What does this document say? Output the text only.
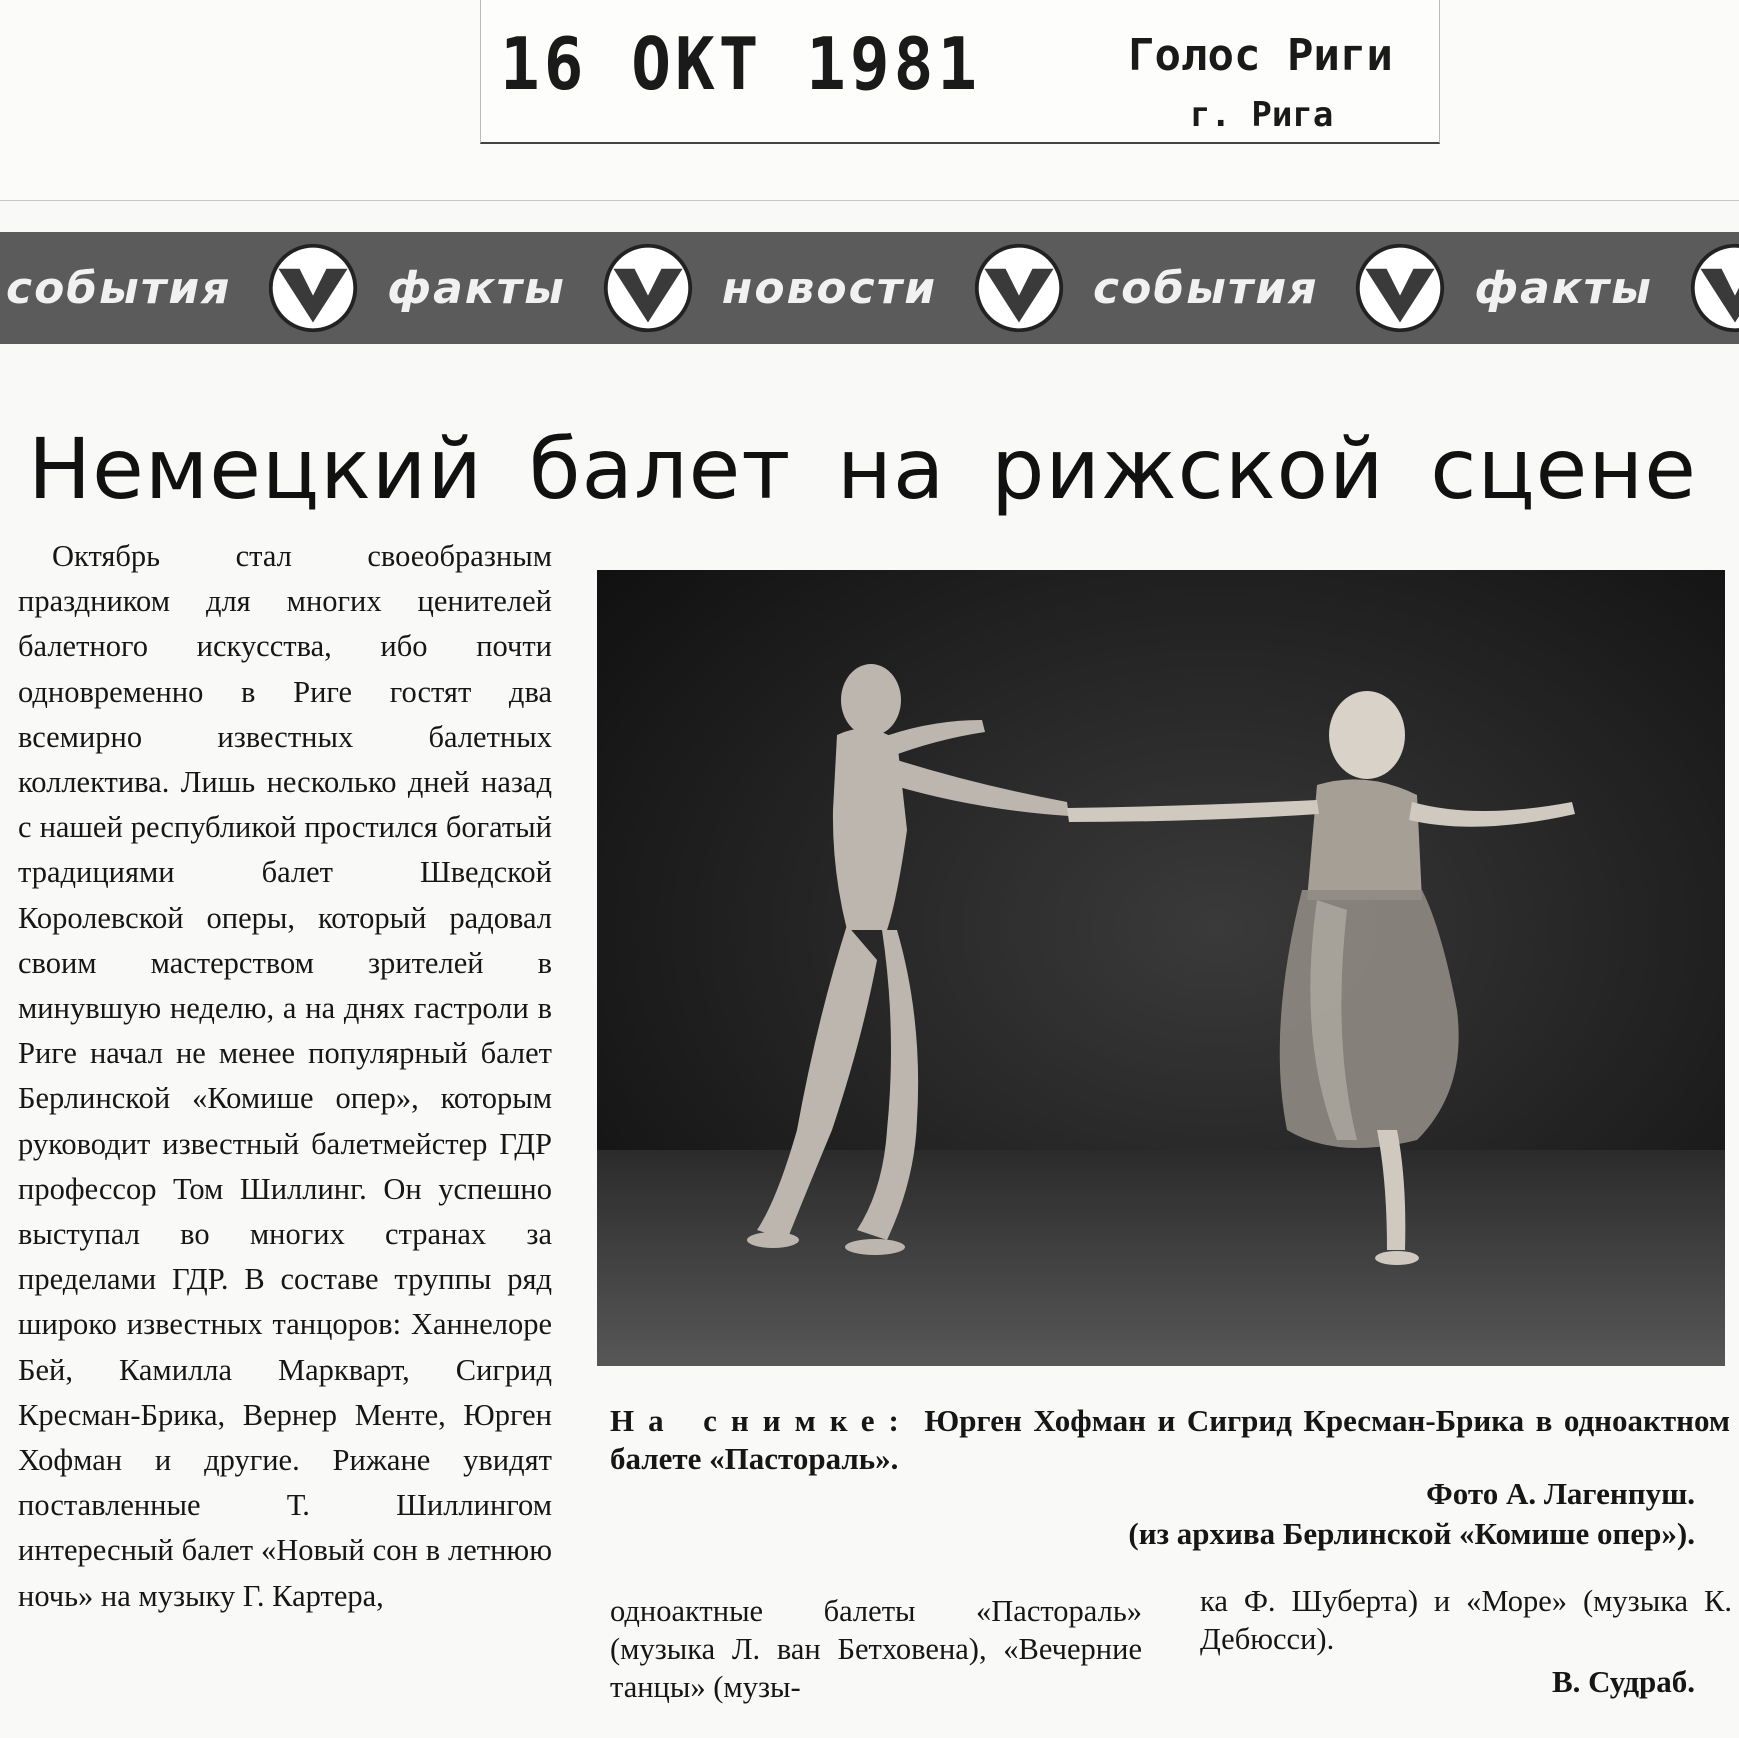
16 ОКТ 1981	Голос Риги
г. Рига
события	факты	новости	события	факты
Немецкий балет на рижской сцене

Октябрь стал своеобразным праздником для многих ценителей балетного искусства, ибо почти одновременно в Риге гостят два всемирно известных балетных коллектива. Лишь несколько дней назад с нашей республикой простился богатый традициями балет Шведской Королевской оперы, который радовал своим мастерством зрителей в минувшую неделю, а на днях гастроли в Риге начал не менее популярный балет Берлинской «Комише опер», которым руководит известный балетмейстер ГДР профессор Том Шиллинг. Он успешно выступал во многих странах за пределами ГДР. В составе труппы ряд широко известных танцоров: Ханнелоре Бей, Камилла Маркварт, Сигрид Кресман-Брика, Вернер Менте, Юрген Хофман и другие. Рижане увидят поставленные Т. Шиллингом интересный балет «Новый сон в летнюю ночь» на музыку Г. Картера,

На снимке: Юрген Хофман и Сигрид Кресман-Брика в одноактном балете «Пастораль».

Фото А. Лагенпуш.
(из архива Берлинской «Комише опер»).

одноактные балеты «Пастораль» (музыка Л. ван Бетховена), «Вечерние танцы» (музы-

ка Ф. Шуберта) и «Море» (музыка К. Дебюсси).

В. Судраб.
